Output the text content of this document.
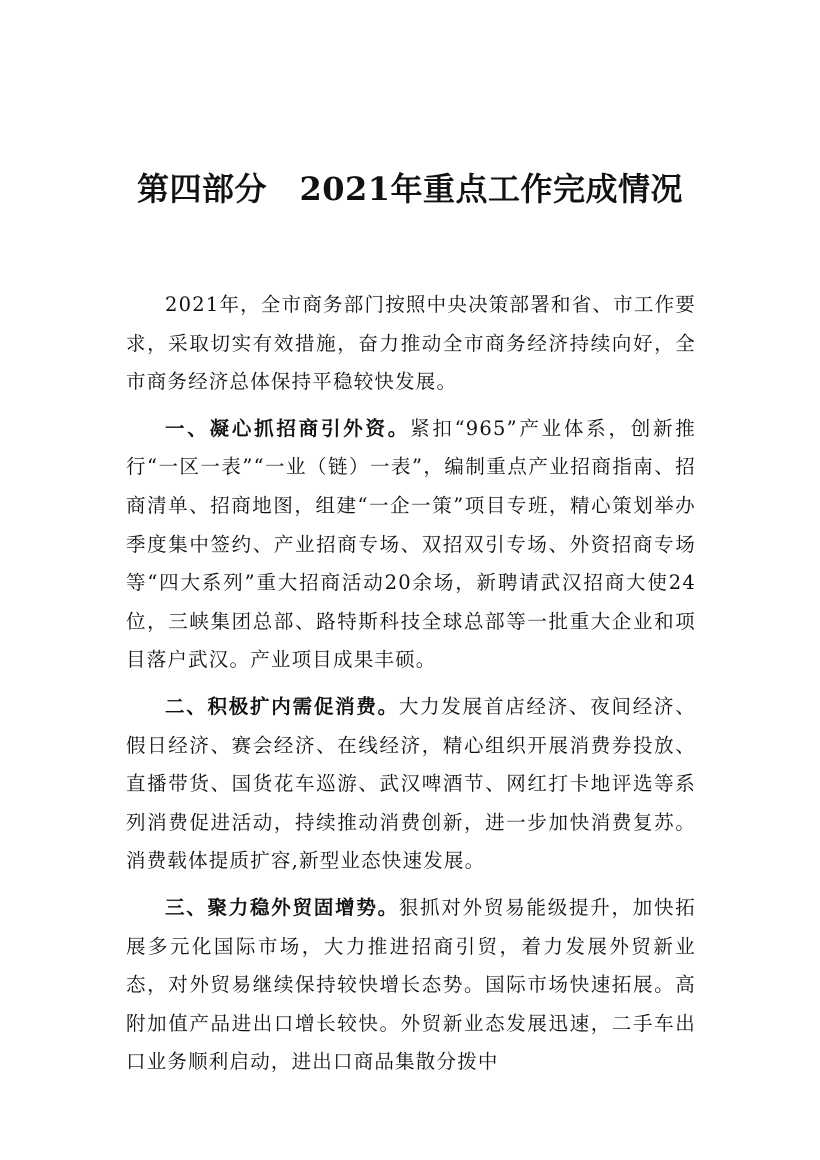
第四部分　2021年重点工作完成情况

2021年，全市商务部门按照中央决策部署和省、市工作要求，采取切实有效措施，奋力推动全市商务经济持续向好，全市商务经济总体保持平稳较快发展。

一、凝心抓招商引外资。紧扣“965”产业体系，创新推行“一区一表”“一业（链）一表”，编制重点产业招商指南、招商清单、招商地图，组建“一企一策”项目专班，精心策划举办季度集中签约、产业招商专场、双招双引专场、外资招商专场等“四大系列”重大招商活动20余场，新聘请武汉招商大使24位，三峡集团总部、路特斯科技全球总部等一批重大企业和项目落户武汉。产业项目成果丰硕。

二、积极扩内需促消费。大力发展首店经济、夜间经济、假日经济、赛会经济、在线经济，精心组织开展消费券投放、直播带货、国货花车巡游、武汉啤酒节、网红打卡地评选等系列消费促进活动，持续推动消费创新，进一步加快消费复苏。消费载体提质扩容,新型业态快速发展。

三、聚力稳外贸固增势。狠抓对外贸易能级提升，加快拓展多元化国际市场，大力推进招商引贸，着力发展外贸新业态，对外贸易继续保持较快增长态势。国际市场快速拓展。高附加值产品进出口增长较快。外贸新业态发展迅速，二手车出口业务顺利启动，进出口商品集散分拨中
